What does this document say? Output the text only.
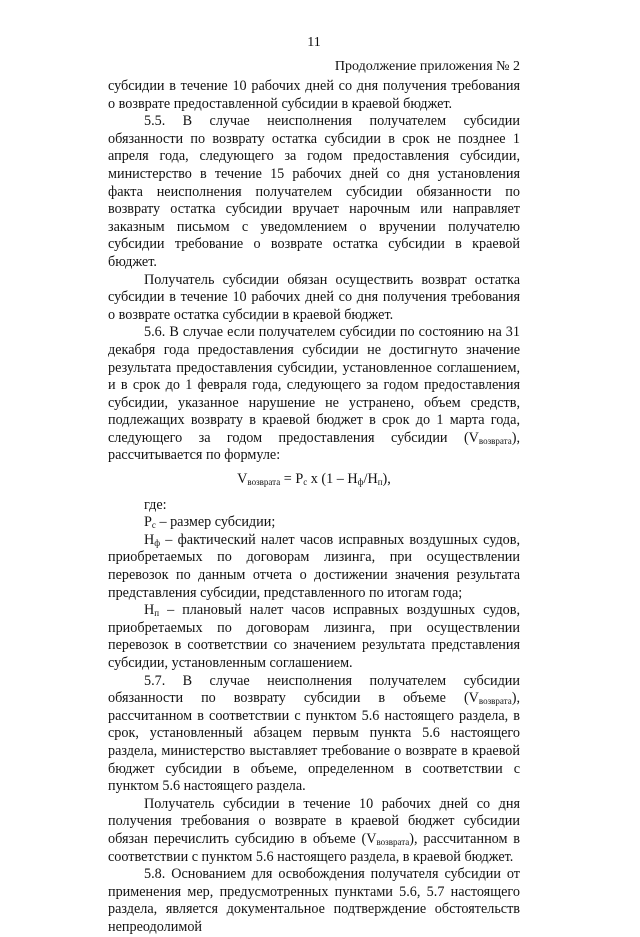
11
Продолжение приложения № 2

субсидии в течение 10 рабочих дней со дня получения требования о возврате предоставленной субсидии в краевой бюджет.

5.5. В случае неисполнения получателем субсидии обязанности по возврату остатка субсидии в срок не позднее 1 апреля года, следующего за годом предоставления субсидии, министерство в течение 15 рабочих дней со дня установления факта неисполнения получателем субсидии обязанности по возврату остатка субсидии вручает нарочным или направляет заказным письмом с уведомлением о вручении получателю субсидии требование о возврате остатка субсидии в краевой бюджет.

Получатель субсидии обязан осуществить возврат остатка субсидии в течение 10 рабочих дней со дня получения требования о возврате остатка субсидии в краевой бюджет.

5.6. В случае если получателем субсидии по состоянию на 31 декабря года предоставления субсидии не достигнуто значение результата предоставления субсидии, установленное соглашением, и в срок до 1 февраля года, следующего за годом предоставления субсидии, указанное нарушение не устранено, объем средств, подлежащих возврату в краевой бюджет в срок до 1 марта года, следующего за годом предоставления субсидии $(V_{возврата})$, рассчитывается по формуле:

$V_{возврата} = P_c$ x $(1 - H_ф/H_п)$,

где:

$P_c$ – размер субсидии;

$H_ф$ – фактический налет часов исправных воздушных судов, приобретаемых по договорам лизинга, при осуществлении перевозок по данным отчета о достижении значения результата представления субсидии, представленного по итогам года;

$H_п$ – плановый налет часов исправных воздушных судов, приобретаемых по договорам лизинга, при осуществлении перевозок в соответствии со значением результата представления субсидии, установленным соглашением.

5.7. В случае неисполнения получателем субсидии обязанности по возврату субсидии в объеме $(V_{возврата})$, рассчитанном в соответствии с пунктом 5.6 настоящего раздела, в срок, установленный абзацем первым пункта 5.6 настоящего раздела, министерство выставляет требование о возврате в краевой бюджет субсидии в объеме, определенном в соответствии с пунктом 5.6 настоящего раздела.

Получатель субсидии в течение 10 рабочих дней со дня получения требования о возврате в краевой бюджет субсидии обязан перечислить субсидию в объеме $(V_{возврата})$, рассчитанном в соответствии с пунктом 5.6 настоящего раздела, в краевой бюджет.

5.8. Основанием для освобождения получателя субсидии от применения мер, предусмотренных пунктами 5.6, 5.7 настоящего раздела, является документальное подтверждение обстоятельств непреодолимой
